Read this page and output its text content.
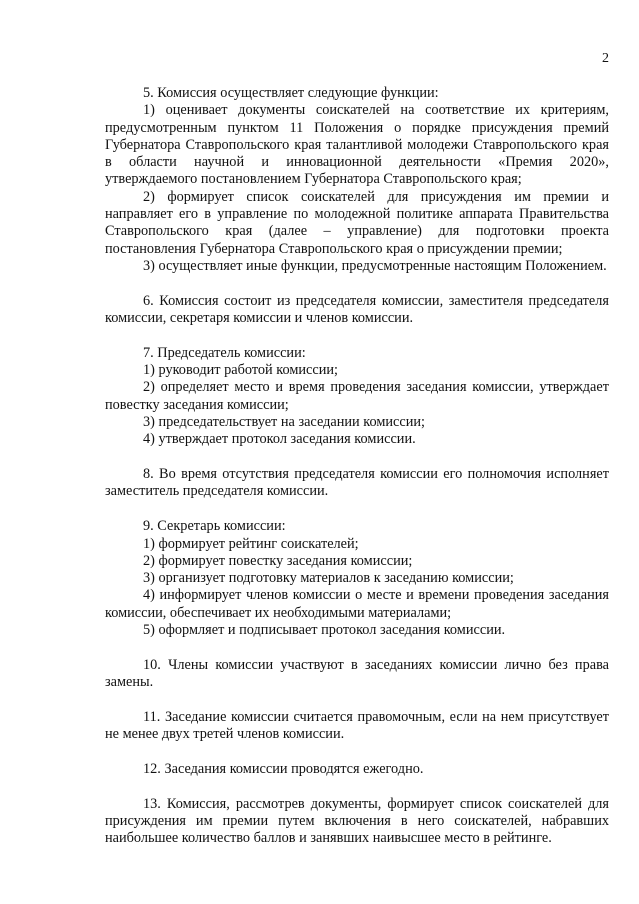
2

5. Комиссия осуществляет следующие функции:

1) оценивает документы соискателей на соответствие их критериям, предусмотренным пунктом 11 Положения о порядке присуждения премий Губернатора Ставропольского края талантливой молодежи Ставропольского края в области научной и инновационной деятельности «Премия 2020», утверждаемого постановлением Губернатора Ставропольского края;

2) формирует список соискателей для присуждения им премии и направляет его в управление по молодежной политике аппарата Правительства Ставропольского края (далее – управление) для подготовки проекта постановления Губернатора Ставропольского края о присуждении премии;

3) осуществляет иные функции, предусмотренные настоящим Положением.

6. Комиссия состоит из председателя комиссии, заместителя председателя комиссии, секретаря комиссии и членов комиссии.

7. Председатель комиссии:

1) руководит работой комиссии;

2) определяет место и время проведения заседания комиссии, утверждает повестку заседания комиссии;

3) председательствует на заседании комиссии;

4) утверждает протокол заседания комиссии.

8. Во время отсутствия председателя комиссии его полномочия исполняет заместитель председателя комиссии.

9. Секретарь комиссии:

1) формирует рейтинг соискателей;

2) формирует повестку заседания комиссии;

3) организует подготовку материалов к заседанию комиссии;

4) информирует членов комиссии о месте и времени проведения заседания комиссии, обеспечивает их необходимыми материалами;

5) оформляет и подписывает протокол заседания комиссии.

10. Члены комиссии участвуют в заседаниях комиссии лично без права замены.

11. Заседание комиссии считается правомочным, если на нем присутствует не менее двух третей членов комиссии.

12. Заседания комиссии проводятся ежегодно.

13. Комиссия, рассмотрев документы, формирует список соискателей для присуждения им премии путем включения в него соискателей, набравших наибольшее количество баллов и занявших наивысшее место в рейтинге.
